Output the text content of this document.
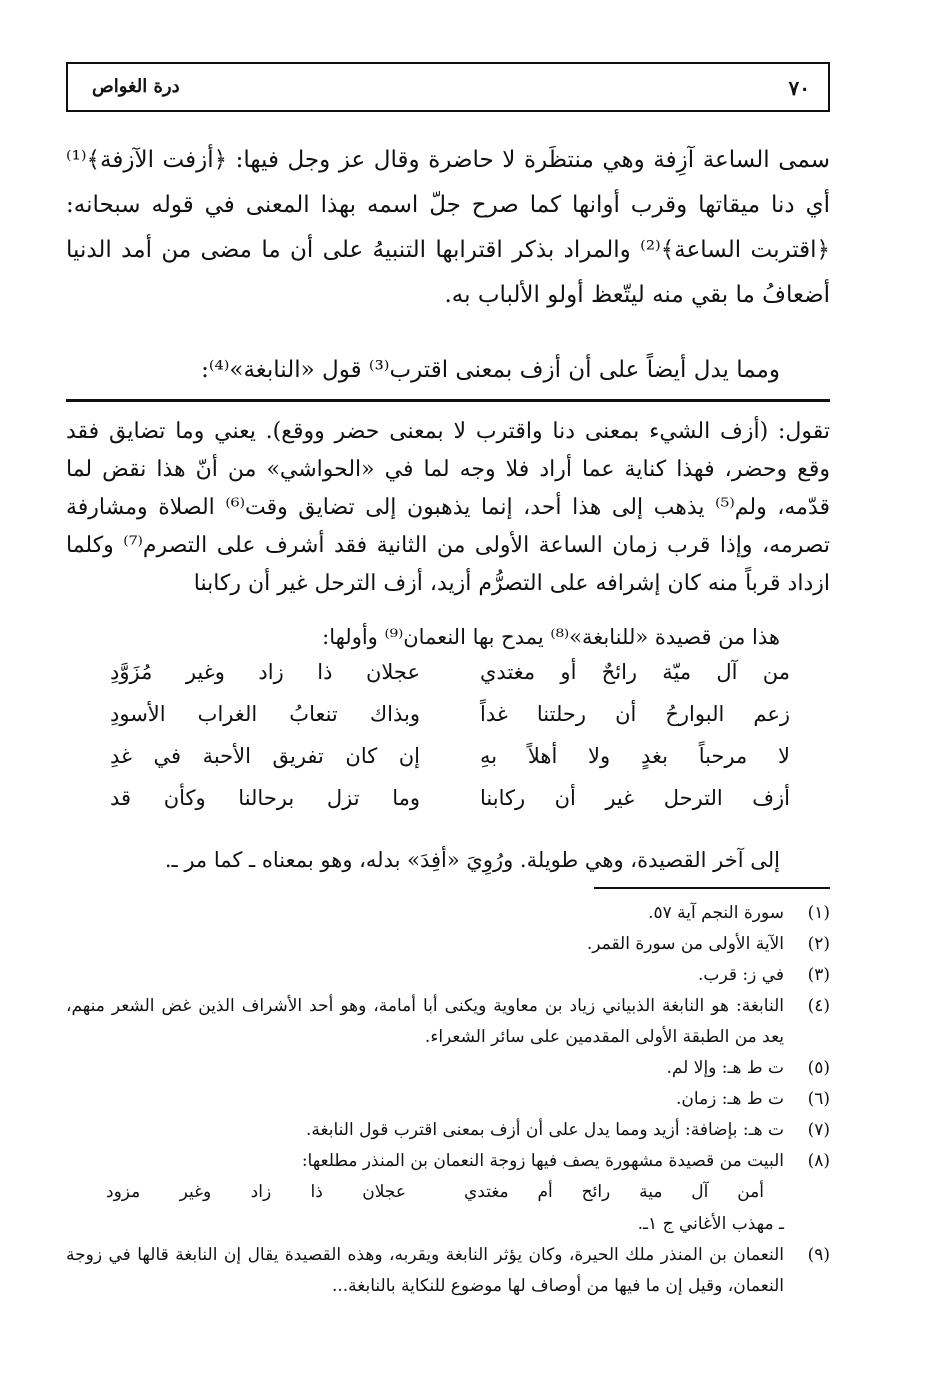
٧٠
درة الغواص
سمى الساعة آزِفة وهي منتظَرة لا حاضرة وقال عز وجل فيها: ﴿أزفت الآزفة﴾⁽¹⁾ أي دنا ميقاتها وقرب أوانها كما صرح جلّ اسمه بهذا المعنى في قوله سبحانه: ﴿اقتربت الساعة﴾⁽²⁾ والمراد بذكر اقترابها التنبيهُ على أن ما مضى من أمد الدنيا أضعافُ ما بقي منه ليتّعظ أولو الألباب به.
ومما يدل أيضاً على أن أزف بمعنى اقترب⁽³⁾ قول «النابغة»⁽⁴⁾:
تقول: (أزف الشيء بمعنى دنا واقترب لا بمعنى حضر ووقع). يعني وما تضايق فقد وقع وحضر، فهذا كناية عما أراد فلا وجه لما في «الحواشي» من أنّ هذا نقض لما قدّمه، ولم⁽⁵⁾ يذهب إلى هذا أحد، إنما يذهبون إلى تضايق وقت⁽⁶⁾ الصلاة ومشارفة تصرمه، وإذا قرب زمان الساعة الأولى من الثانية فقد أشرف على التصرم⁽⁷⁾ وكلما ازداد قرباً منه كان إشرافه على التصرُّم أزيد، أزف الترحل غير أن ركابنا
هذا من قصيدة «للنابغة»⁽⁸⁾ يمدح بها النعمان⁽⁹⁾ وأولها:
من آل ميّة رائحٌ أو مغتدي
عجلان ذا زاد وغير مُزَوَّدِ
زعم البوارحُ أن رحلتنا غداً
وبذاك تنعابُ الغراب الأسودِ
لا مرحباً بغدٍ ولا أهلاً بهِ
إن كان تفريق الأحبة في غدِ
أزف الترحل غير أن ركابنا
وما تزل برحالنا وكأن قد
إلى آخر القصيدة، وهي طويلة. ورُوِيَ «أفِدَ» بدله، وهو بمعناه ـ كما مر ـ.
(١)
سورة النجم آية ٥٧.
(٢)
الآية الأولى من سورة القمر.
(٣)
في ز: قرب.
(٤)
النابغة: هو النابغة الذبياني زياد بن معاوية ويكنى أبا أمامة، وهو أحد الأشراف الذين غض الشعر منهم، يعد من الطبقة الأولى المقدمين على سائر الشعراء.
(٥)
ت ط هـ: وإلا لم.
(٦)
ت ط هـ: زمان.
(٧)
ت هـ: بإضافة: أزيد ومما يدل على أن أزف بمعنى اقترب قول النابغة.
(٨)
البيت من قصيدة مشهورة يصف فيها زوجة النعمان بن المنذر مطلعها:
أمن آل مية رائح أم مغتدي
عجلان ذا زاد وغير مزود
ـ مهذب الأغاني ج ١ـ.
(٩)
النعمان بن المنذر ملك الحيرة، وكان يؤثر النابغة ويقربه، وهذه القصيدة يقال إن النابغة قالها في زوجة النعمان، وقيل إن ما فيها من أوصاف لها موضوع للنكاية بالنابغة...
